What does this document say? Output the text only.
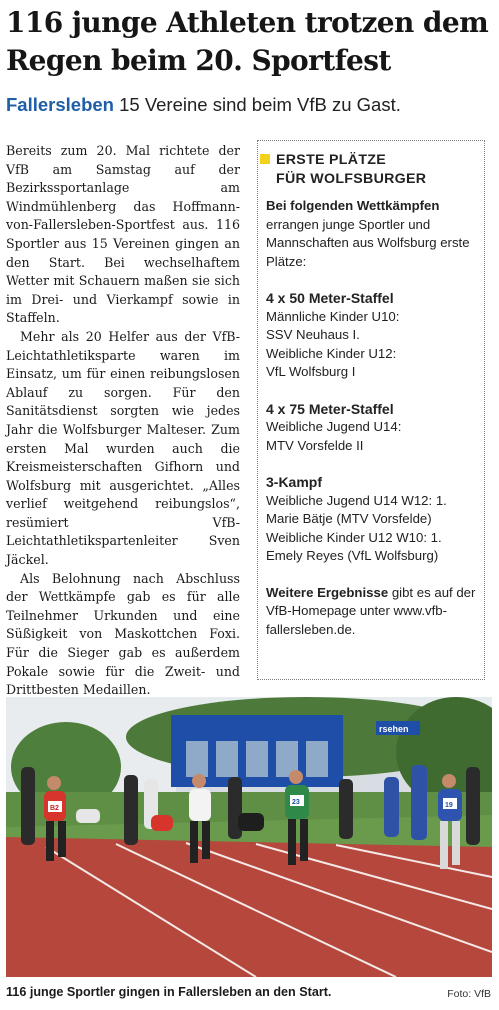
116 junge Athleten trotzen dem
Regen beim 20. Sportfest
Fallersleben 15 Vereine sind beim VfB zu Gast.

Bereits zum 20. Mal richtete der VfB am Samstag auf der Bezirkssportanlage am Windmühlenberg das Hoffmann-von-Fallersleben-Sportfest aus. 116 Sportler aus 15 Vereinen gingen an den Start. Bei wechselhaftem Wetter mit Schauern maßen sie sich im Drei- und Vierkampf sowie in Staffeln.

Mehr als 20 Helfer aus der VfB-Leichtathletiksparte waren im Einsatz, um für einen reibungslosen Ablauf zu sorgen. Für den Sanitätsdienst sorgten wie jedes Jahr die Wolfsburger Malteser. Zum ersten Mal wurden auch die Kreismeisterschaften Gifhorn und Wolfsburg mit ausgerichtet. „Alles verlief weitgehend reibungslos“, resümiert VfB-Leichtathletikspartenleiter Sven Jäckel.

Als Belohnung nach Abschluss der Wettkämpfe gab es für alle Teilnehmer Urkunden und eine Süßigkeit von Maskottchen Foxi. Für die Sieger gab es außerdem Pokale sowie für die Zweit- und Drittbesten Medaillen.

ERSTE PLÄTZE
FÜR WOLFSBURGER
Bei folgenden Wettkämpfen errangen junge Sportler und Mannschaften aus Wolfsburg erste Plätze:
4 x 50 Meter-Staffel
Männliche Kinder U10:
SSV Neuhaus I.
Weibliche Kinder U12:
VfL Wolfsburg I
4 x 75 Meter-Staffel
Weibliche Jugend U14:
MTV Vorsfelde II
3-Kampf
Weibliche Jugend U14 W12: 1.
Marie Bätje (MTV Vorsfelde)
Weibliche Kinder U12 W10: 1.
Emely Reyes (VfL Wolfsburg)
Weitere Ergebnisse gibt es auf der VfB-Homepage unter www.vfb-fallersleben.de.
rsehen
B2
23	19
116 junge Sportler gingen in Fallersleben an den Start.	Foto: VfB
